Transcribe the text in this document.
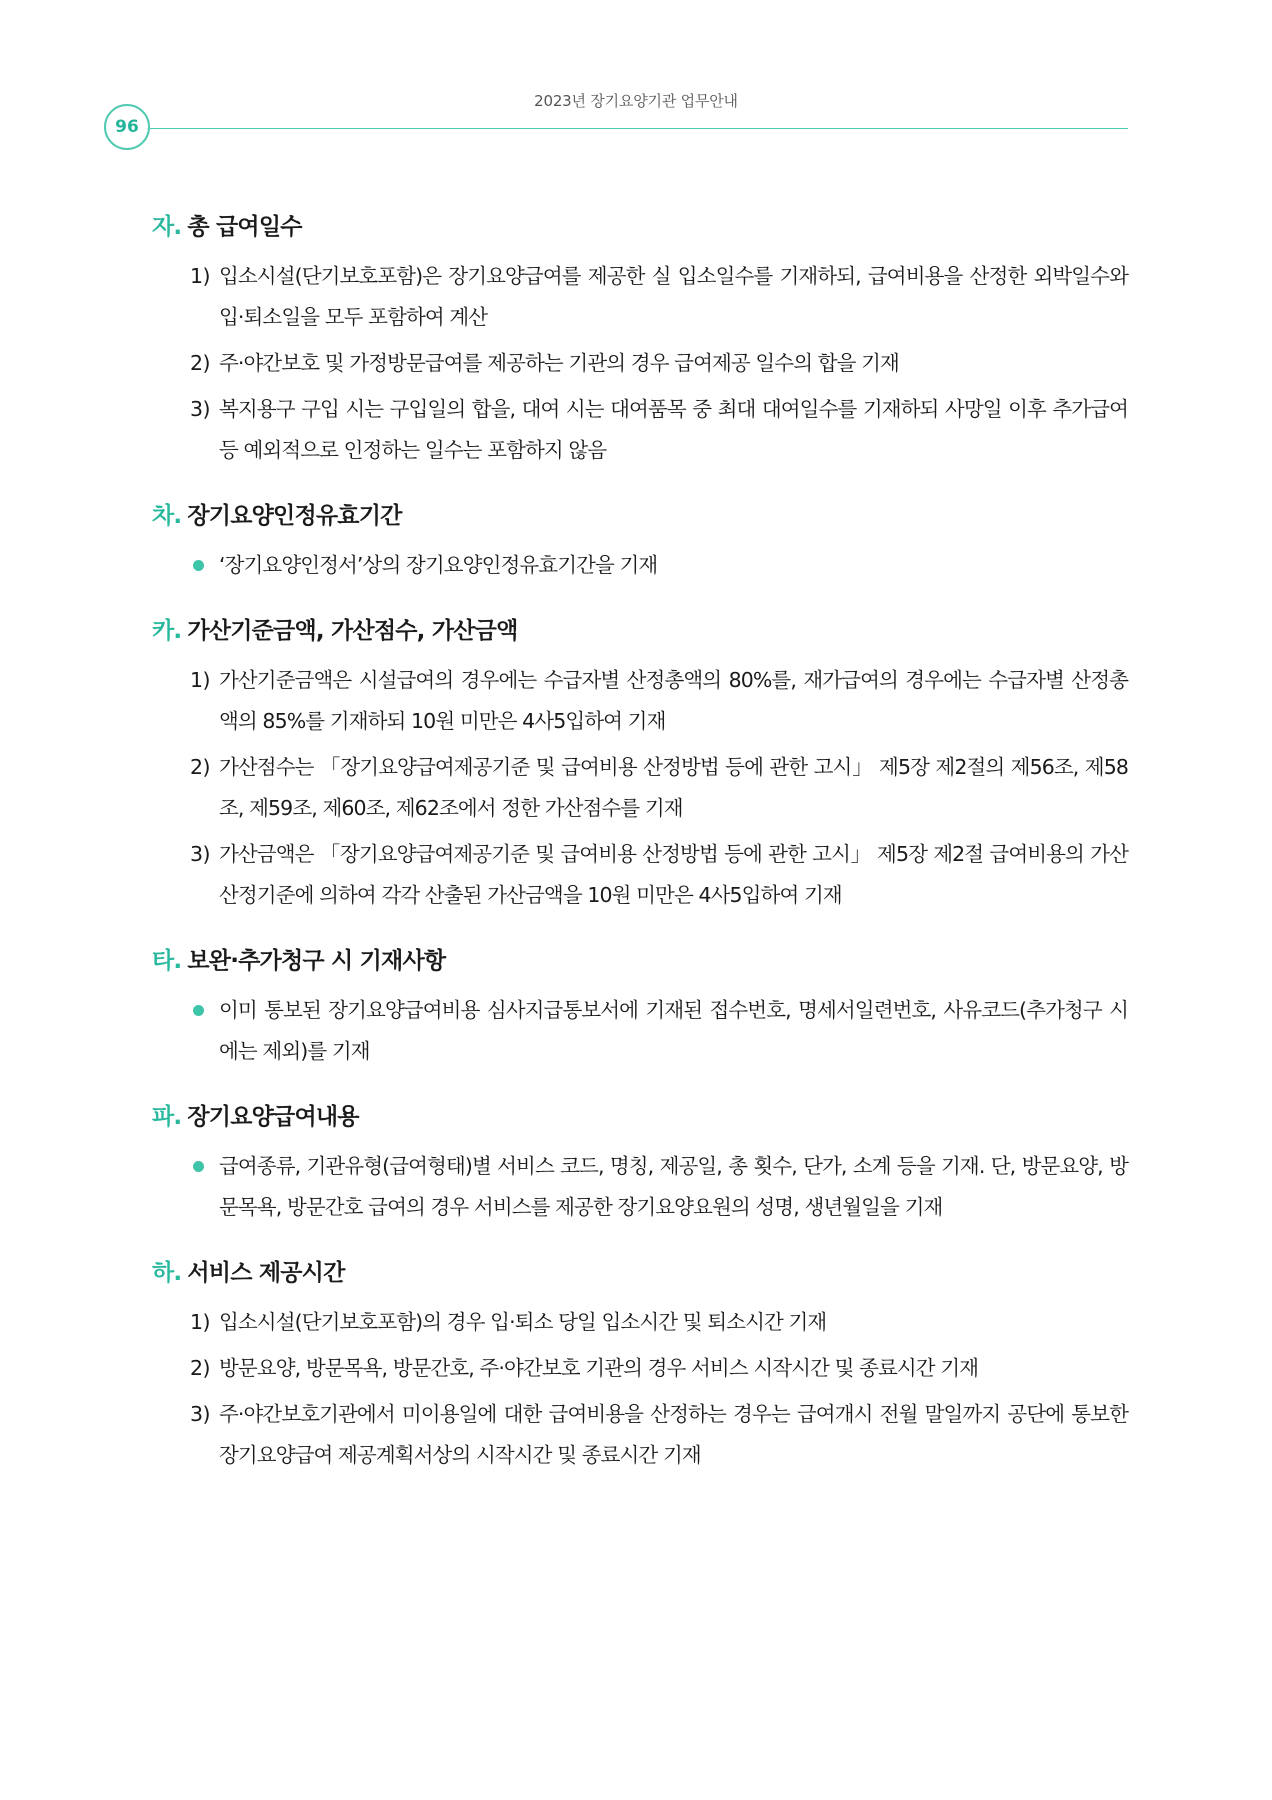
2023년 장기요양기관 업무안내
96
자. 총 급여일수
1) 입소시설(단기보호포함)은 장기요양급여를 제공한 실 입소일수를 기재하되, 급여비용을 산정한 외박일수와 입·퇴소일을 모두 포함하여 계산
2) 주·야간보호 및 가정방문급여를 제공하는 기관의 경우 급여제공 일수의 합을 기재
3) 복지용구 구입 시는 구입일의 합을, 대여 시는 대여품목 중 최대 대여일수를 기재하되 사망일 이후 추가급여 등 예외적으로 인정하는 일수는 포함하지 않음
차. 장기요양인정유효기간
‘장기요양인정서’상의 장기요양인정유효기간을 기재
카. 가산기준금액, 가산점수, 가산금액
1) 가산기준금액은 시설급여의 경우에는 수급자별 산정총액의 80%를, 재가급여의 경우에는 수급자별 산정총액의 85%를 기재하되 10원 미만은 4사5입하여 기재
2) 가산점수는 「장기요양급여제공기준 및 급여비용 산정방법 등에 관한 고시」 제5장 제2절의 제56조, 제58조, 제59조, 제60조, 제62조에서 정한 가산점수를 기재
3) 가산금액은 「장기요양급여제공기준 및 급여비용 산정방법 등에 관한 고시」 제5장 제2절 급여비용의 가산 산정기준에 의하여 각각 산출된 가산금액을 10원 미만은 4사5입하여 기재
타. 보완·추가청구 시 기재사항
이미 통보된 장기요양급여비용 심사지급통보서에 기재된 접수번호, 명세서일련번호, 사유코드(추가청구 시에는 제외)를 기재
파. 장기요양급여내용
급여종류, 기관유형(급여형태)별 서비스 코드, 명칭, 제공일, 총 횟수, 단가, 소계 등을 기재. 단, 방문요양, 방문목욕, 방문간호 급여의 경우 서비스를 제공한 장기요양요원의 성명, 생년월일을 기재
하. 서비스 제공시간
1) 입소시설(단기보호포함)의 경우 입·퇴소 당일 입소시간 및 퇴소시간 기재
2) 방문요양, 방문목욕, 방문간호, 주·야간보호 기관의 경우 서비스 시작시간 및 종료시간 기재
3) 주·야간보호기관에서 미이용일에 대한 급여비용을 산정하는 경우는 급여개시 전월 말일까지 공단에 통보한 장기요양급여 제공계획서상의 시작시간 및 종료시간 기재
